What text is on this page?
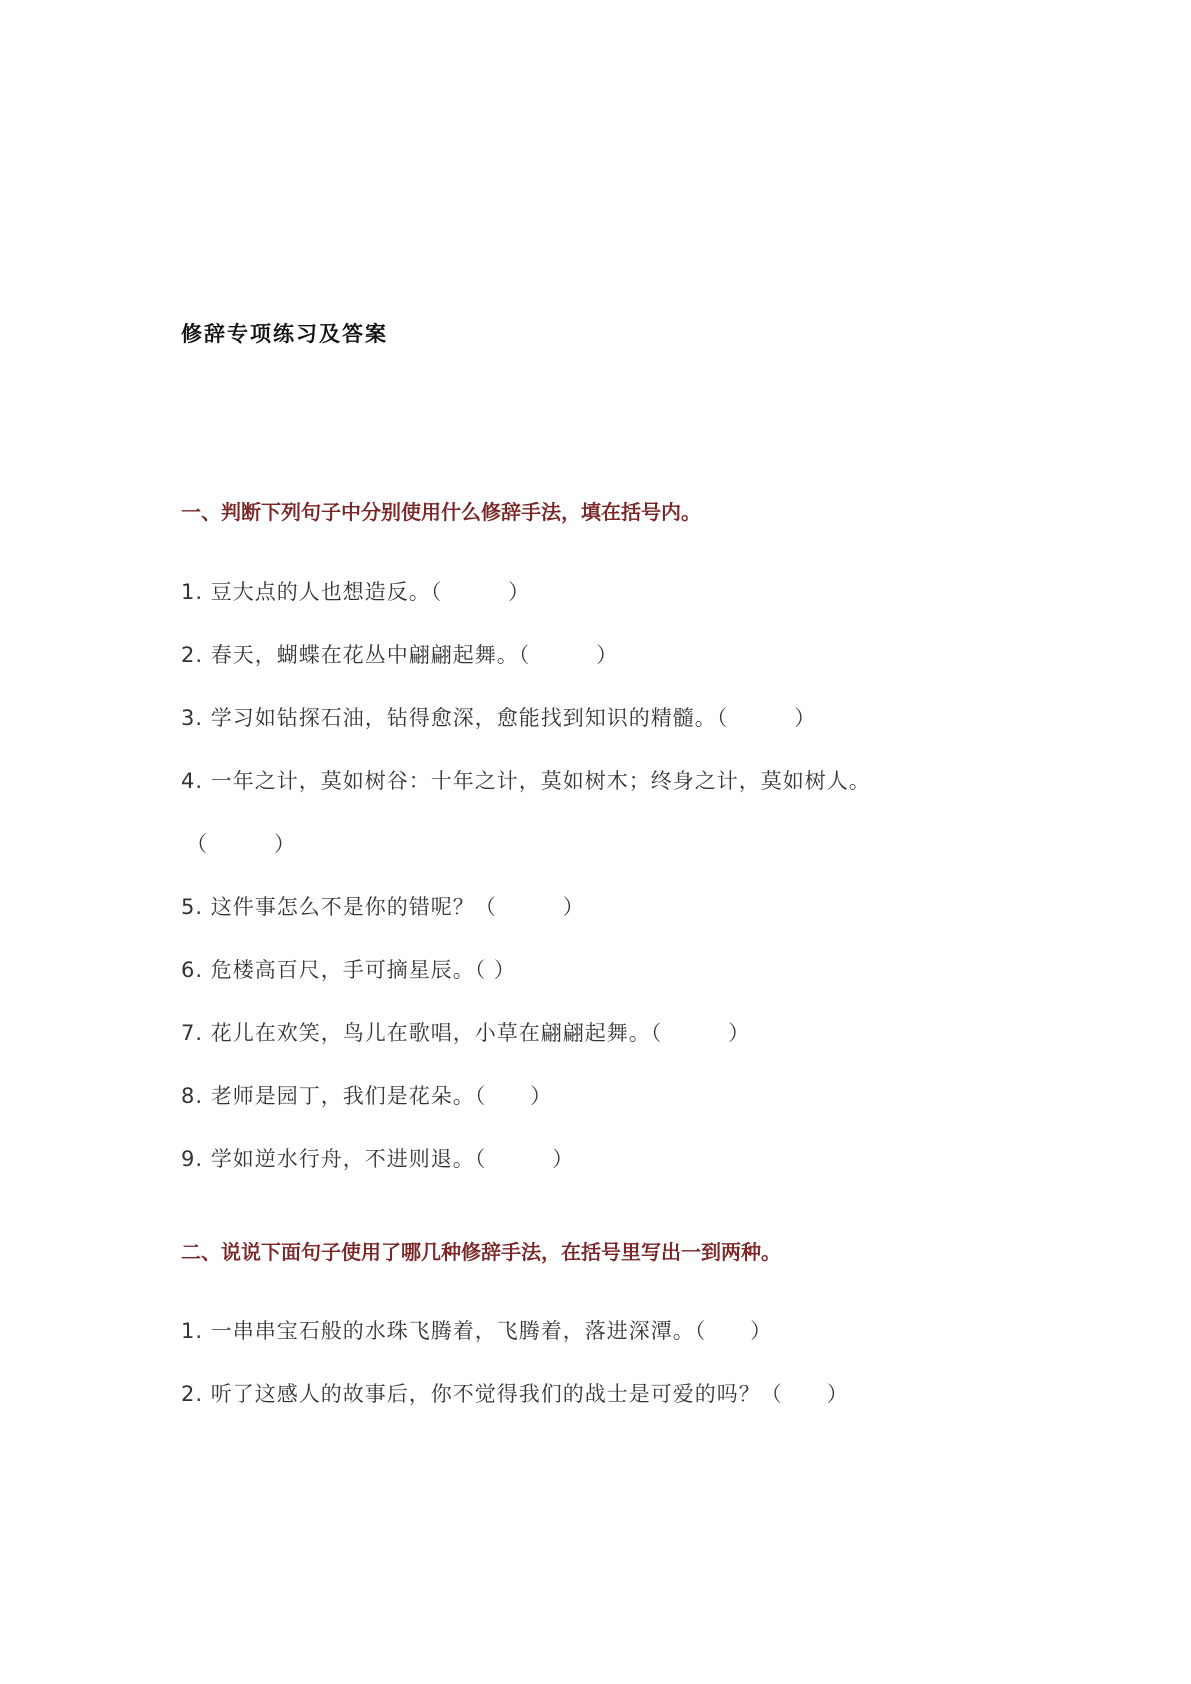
修辞专项练习及答案
一、判断下列句子中分别使用什么修辞手法，填在括号内。
1. 豆大点的人也想造反。（　　　）
2. 春天，蝴蝶在花丛中翩翩起舞。（　　　）
3. 学习如钻探石油，钻得愈深，愈能找到知识的精髓。（　　　）
4. 一年之计，莫如树谷：十年之计，莫如树木；终身之计，莫如树人。
（　　　）
5. 这件事怎么不是你的错呢？（　　　）
6. 危楼高百尺，手可摘星辰。（ ）
7. 花儿在欢笑，鸟儿在歌唱，小草在翩翩起舞。（　　　）
8. 老师是园丁，我们是花朵。（　　）
9. 学如逆水行舟，不进则退。（　　　）
二、说说下面句子使用了哪几种修辞手法，在括号里写出一到两种。
1. 一串串宝石般的水珠飞腾着，飞腾着，落进深潭。（　　）
2. 听了这感人的故事后，你不觉得我们的战士是可爱的吗？（　　）
